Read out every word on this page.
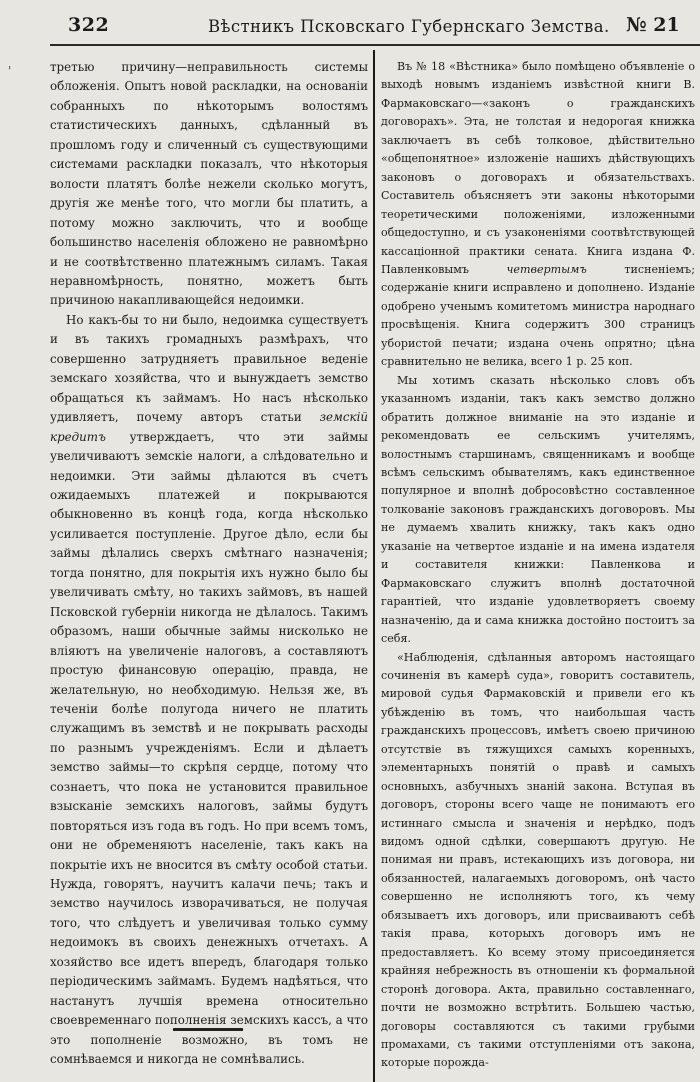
'
322	Вѣстникъ Псковскаго Губернскаго Земства. № 21

третью причину—неправильность системы обложенія. Опытъ новой раскладки, на основаніи собранныхъ по нѣкоторымъ волостямъ статистическихъ данныхъ, сдѣланный въ прошломъ году и сличенный съ существующими системами раскладки показалъ, что нѣкоторыя волости платятъ болѣе нежели сколько могутъ, другія же менѣе того, что могли бы платить, а потому можно заключить, что и вообще большинство населенія обложено не равномѣрно и не соотвѣтственно платежнымъ силамъ. Такая неравномѣрность, понятно, можетъ быть причиною накапливающейся недоимки.

Но какъ-бы то ни было, недоимка существуетъ и въ такихъ громадныхъ размѣрахъ, что совершенно затрудняетъ правильное веденіе земскаго хозяйства, что и вынуждаетъ земство обращаться къ займамъ. Но насъ нѣсколько удивляетъ, почему авторъ статьи земскій кредитъ утверждаетъ, что эти займы увеличиваютъ земскіе налоги, а слѣдовательно и недоимки. Эти займы дѣлаются въ счетъ ожидаемыхъ платежей и покрываются обыкновенно въ концѣ года, когда нѣсколько усиливается поступленіе. Другое дѣло, если бы займы дѣлались сверхъ смѣтнаго назначенія; тогда понятно, для покрытія ихъ нужно было бы увеличивать смѣту, но такихъ займовъ, въ нашей Псковской губерніи никогда не дѣлалось. Такимъ образомъ, наши обычные займы нисколько не вліяютъ на увеличеніе налоговъ, а составляютъ простую финансовую операцію, правда, не желательную, но необходимую. Нельзя же, въ теченіи болѣе полугода ничего не платить служащимъ въ земствѣ и не покрывать расходы по разнымъ учрежденіямъ. Если и дѣлаетъ земство займы—то скрѣпя сердце, потому что сознаетъ, что пока не установится правильное взысканіе земскихъ налоговъ, займы будутъ повторяться изъ года въ годъ. Но при всемъ томъ, они не обременяютъ населеніе, такъ какъ на покрытіе ихъ не вносится въ смѣту особой статьи. Нужда, говорятъ, научитъ калачи печь; такъ и земство научилось изворачиваться, не получая того, что слѣдуетъ и увеличивая только сумму недоимокъ въ своихъ денежныхъ отчетахъ. А хозяйство все идетъ впередъ, благодаря только періодическимъ займамъ. Будемъ надѣяться, что настанутъ лучшія времена относительно своевременнаго пополненія земскихъ кассъ, а что это пополненіе возможно, въ томъ не сомнѣваемся и никогда не сомнѣвались.

Въ № 18 «Вѣстника» было помѣщено объявленіе о выходѣ новымъ изданіемъ извѣстной книги В. Фармаковскаго—«законъ о гражданскихъ договорахъ». Эта, не толстая и недорогая книжка заключаетъ въ себѣ толковое, дѣйствительно «общепонятное» изложеніе нашихъ дѣйствующихъ законовъ о договорахъ и обязательствахъ. Составитель объясняетъ эти законы нѣкоторыми теоретическими положеніями, изложенными общедоступно, и съ узаконеніями соотвѣтствующей кассаціонной практики сената. Книга издана Ф. Павленковымъ четвертымъ тисненіемъ; содержаніе книги исправлено и дополнено. Изданіе одобрено ученымъ комитетомъ министра народнаго просвѣщенія. Книга содержитъ 300 страницъ убористой печати; издана очень опрятно; цѣна сравнительно не велика, всего 1 р. 25 коп.

Мы хотимъ сказать нѣсколько словъ объ указанномъ изданіи, такъ какъ земство должно обратить должное вниманіе на это изданіе и рекомендовать ее сельскимъ учителямъ, волостнымъ старшинамъ, священникамъ и вообще всѣмъ сельскимъ обывателямъ, какъ единственное популярное и вполнѣ добросовѣстно составленное толкованіе законовъ гражданскихъ договоровъ. Мы не думаемъ хвалить книжку, такъ какъ одно указаніе на четвертое изданіе и на имена издателя и составителя книжки: Павленкова и Фармаковскаго служитъ вполнѣ достаточной гарантіей, что изданіе удовлетворяетъ своему назначенію, да и сама книжка достойно постоитъ за себя.

«Наблюденія, сдѣланныя авторомъ настоящаго сочиненія въ камерѣ суда», говоритъ составитель, мировой судья Фармаковскій и привели его къ убѣжденію въ томъ, что наибольшая часть гражданскихъ процессовъ, имѣетъ своею причиною отсутствіе въ тяжущихся самыхъ коренныхъ, элементарныхъ понятій о правѣ и самыхъ основныхъ, азбучныхъ знаній закона. Вступая въ договоръ, стороны всего чаще не понимаютъ его истиннаго смысла и значенія и нерѣдко, подъ видомъ одной сдѣлки, совершаютъ другую. Не понимая ни правъ, истекающихъ изъ договора, ни обязанностей, налагаемыхъ договоромъ, онѣ часто совершенно не исполняютъ того, къ чему обязываетъ ихъ договоръ, или присваиваютъ себѣ такія права, которыхъ договоръ имъ не предоставляетъ. Ко всему этому присоединяется крайняя небрежность въ отношеніи къ формальной сторонѣ договора. Акта, правильно составленнаго, почти не возможно встрѣтить. Большею частью, договоры составляются съ такими грубыми промахами, съ такими отступленіями отъ закона, которые порожда-
